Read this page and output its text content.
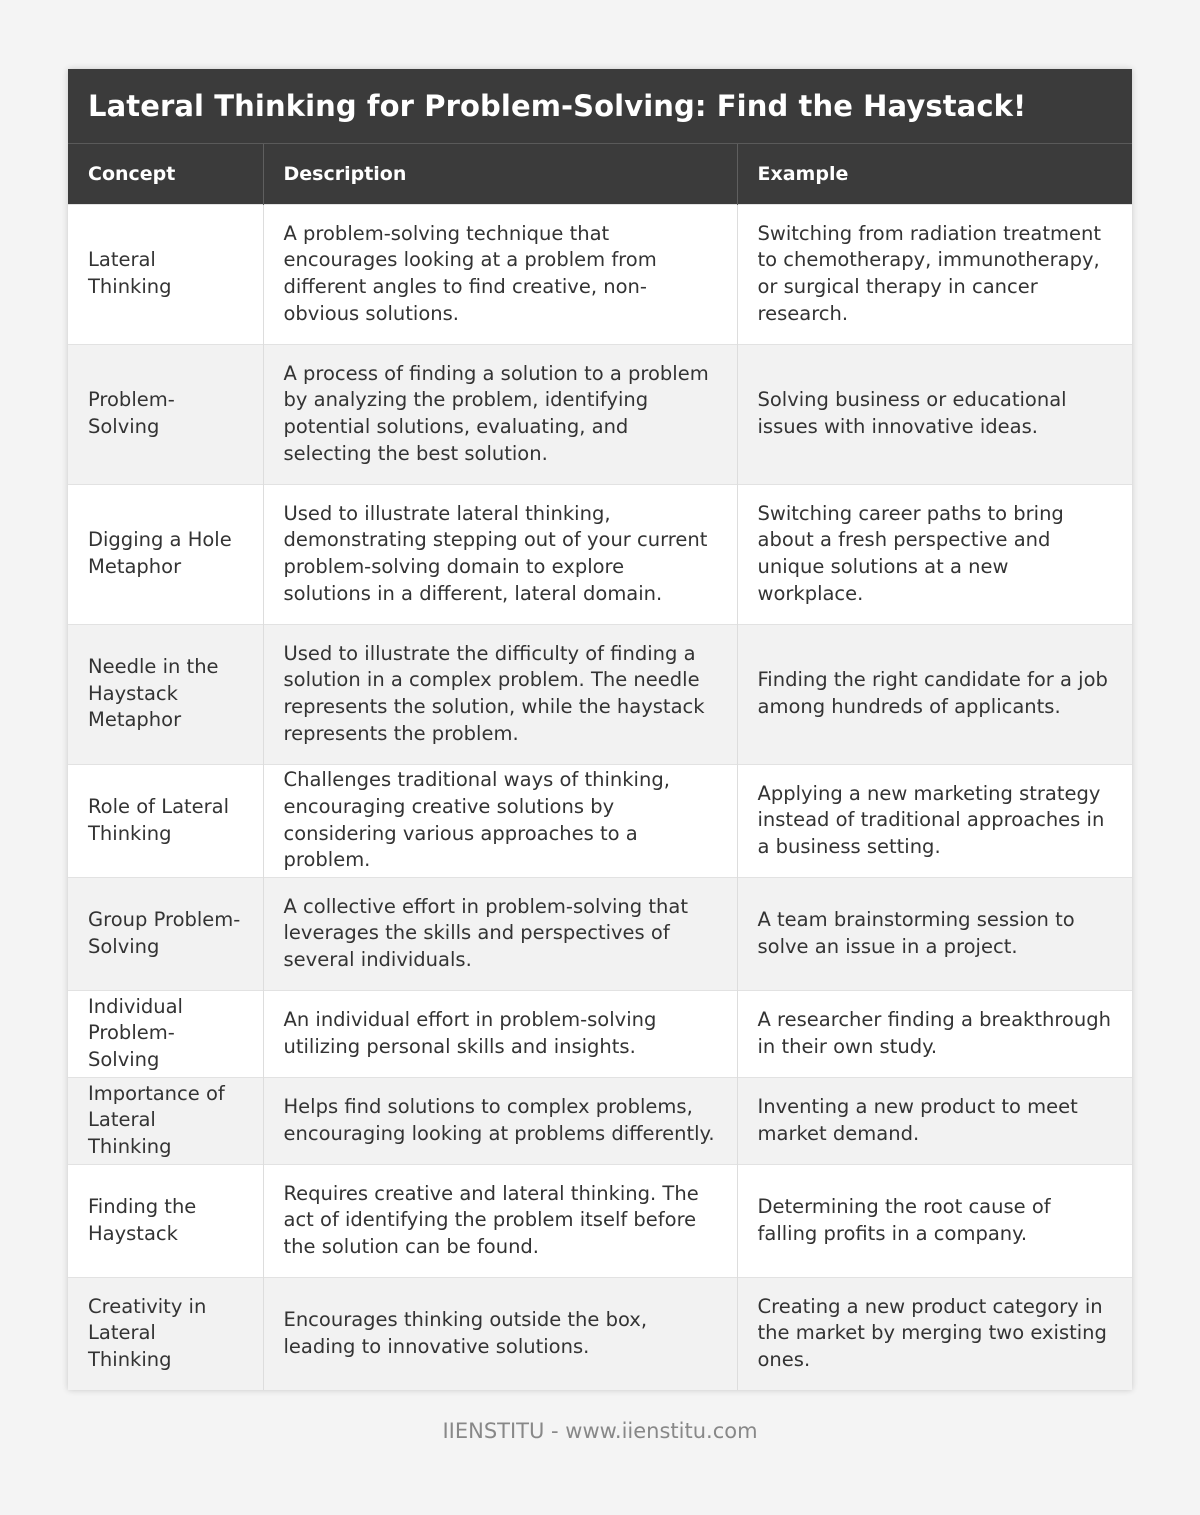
Lateral Thinking for Problem-Solving: Find the Haystack!
Concept	Description	Example
Lateral Thinking	A problem-solving technique that encourages looking at a problem from different angles to find creative, non-obvious solutions.	Switching from radiation treatment to chemotherapy, immunotherapy, or surgical therapy in cancer research.
Problem-Solving	A process of finding a solution to a problem by analyzing the problem, identifying potential solutions, evaluating, and selecting the best solution.	Solving business or educational issues with innovative ideas.
Digging a Hole Metaphor	Used to illustrate lateral thinking, demonstrating stepping out of your current problem-solving domain to explore solutions in a different, lateral domain.	Switching career paths to bring about a fresh perspective and unique solutions at a new workplace.
Needle in the Haystack Metaphor	Used to illustrate the difficulty of finding a solution in a complex problem. The needle represents the solution, while the haystack represents the problem.	Finding the right candidate for a job among hundreds of applicants.
Role of Lateral Thinking	Challenges traditional ways of thinking, encouraging creative solutions by considering various approaches to a problem.	Applying a new marketing strategy instead of traditional approaches in a business setting.
Group Problem-Solving	A collective effort in problem-solving that leverages the skills and perspectives of several individuals.	A team brainstorming session to solve an issue in a project.
Individual Problem-Solving	An individual effort in problem-solving utilizing personal skills and insights.	A researcher finding a breakthrough in their own study.
Importance of Lateral Thinking	Helps find solutions to complex problems, encouraging looking at problems differently.	Inventing a new product to meet market demand.
Finding the Haystack	Requires creative and lateral thinking. The act of identifying the problem itself before the solution can be found.	Determining the root cause of falling profits in a company.
Creativity in Lateral Thinking	Encourages thinking outside the box, leading to innovative solutions.	Creating a new product category in the market by merging two existing ones.
IIENSTITU - www.iienstitu.com
